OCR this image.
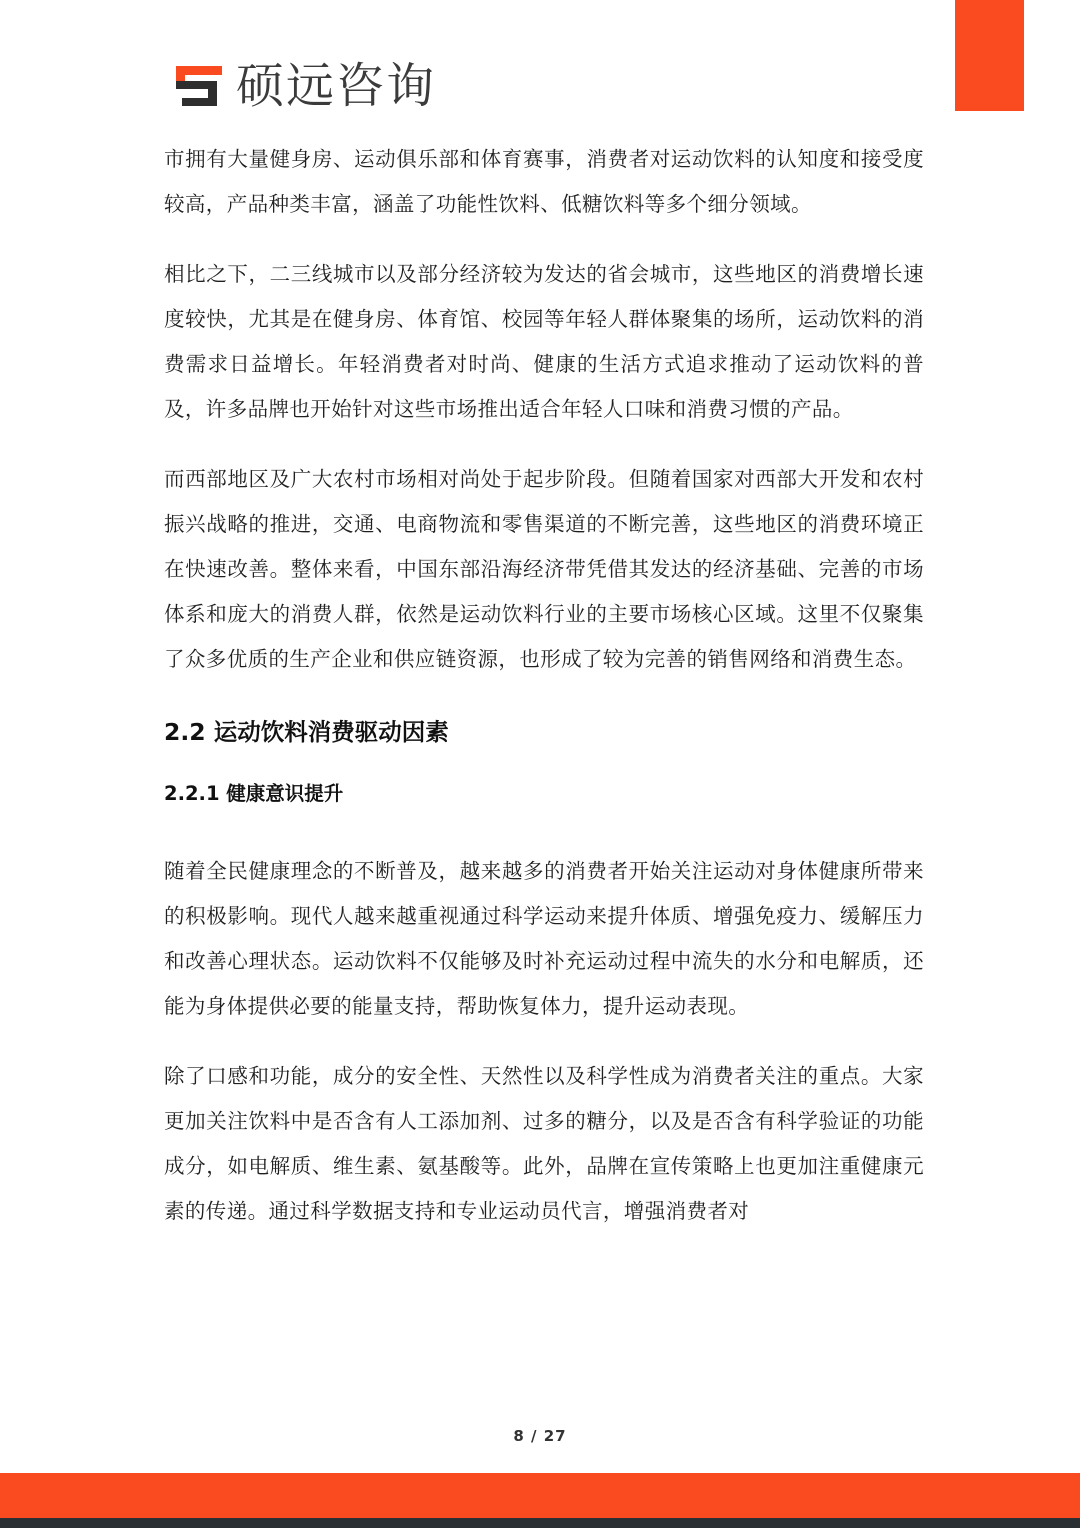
硕远咨询

市拥有大量健身房、运动俱乐部和体育赛事，消费者对运动饮料的认知度和接受度较高，产品种类丰富，涵盖了功能性饮料、低糖饮料等多个细分领域。

相比之下，二三线城市以及部分经济较为发达的省会城市，这些地区的消费增长速度较快，尤其是在健身房、体育馆、校园等年轻人群体聚集的场所，运动饮料的消费需求日益增长。年轻消费者对时尚、健康的生活方式追求推动了运动饮料的普及，许多品牌也开始针对这些市场推出适合年轻人口味和消费习惯的产品。

而西部地区及广大农村市场相对尚处于起步阶段。但随着国家对西部大开发和农村振兴战略的推进，交通、电商物流和零售渠道的不断完善，这些地区的消费环境正在快速改善。整体来看，中国东部沿海经济带凭借其发达的经济基础、完善的市场体系和庞大的消费人群，依然是运动饮料行业的主要市场核心区域。这里不仅聚集了众多优质的生产企业和供应链资源，也形成了较为完善的销售网络和消费生态。

2.2 运动饮料消费驱动因素
2.2.1 健康意识提升

随着全民健康理念的不断普及，越来越多的消费者开始关注运动对身体健康所带来的积极影响。现代人越来越重视通过科学运动来提升体质、增强免疫力、缓解压力和改善心理状态。运动饮料不仅能够及时补充运动过程中流失的水分和电解质，还能为身体提供必要的能量支持，帮助恢复体力，提升运动表现。

除了口感和功能，成分的安全性、天然性以及科学性成为消费者关注的重点。大家更加关注饮料中是否含有人工添加剂、过多的糖分，以及是否含有科学验证的功能成分，如电解质、维生素、氨基酸等。此外，品牌在宣传策略上也更加注重健康元素的传递。通过科学数据支持和专业运动员代言，增强消费者对

8 / 27
